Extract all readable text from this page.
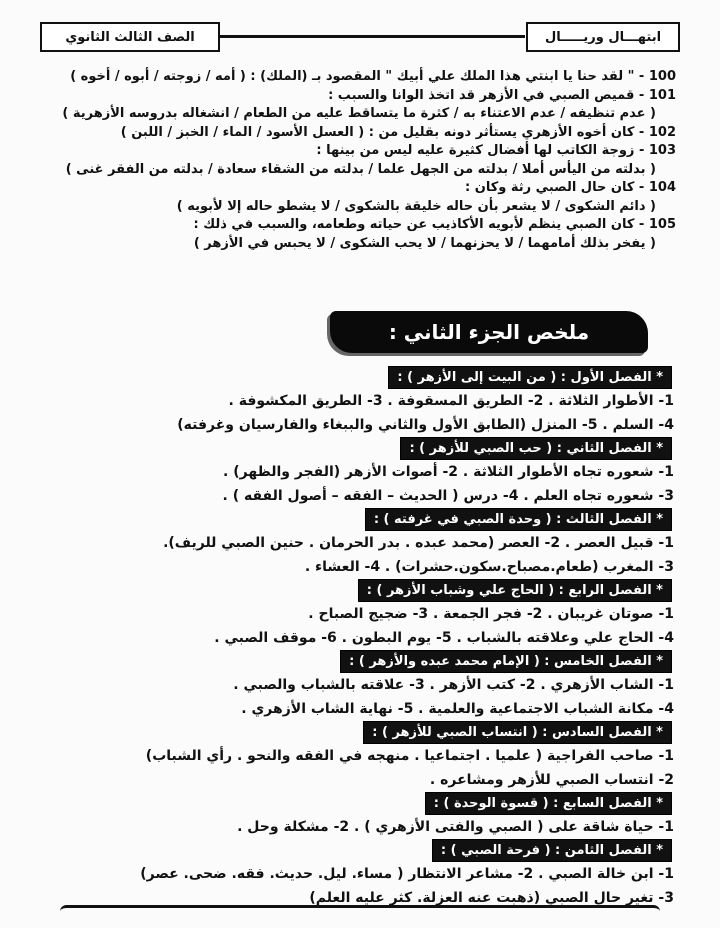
ابتهـــال وريـــــال
الصف الثالث الثانوي
100 - " لقد حنا يا ابنتي هذا الملك علي أبيك " المقصود بـ (الملك) : ( أمه / زوجته / أبوه / أخوه )
101 - قميص الصبي في الأزهر قد اتخذ الوانا والسبب :
( عدم تنظيفه / عدم الاعتناء به / كثرة ما يتساقط عليه من الطعام / انشغاله بدروسه الأزهرية )
102 - كان أخوه الأزهري يستأثر دونه بقليل من : ( العسل الأسود / الماء / الخبز / اللبن )
103 - زوجة الكاتب لها أفضال كثيرة عليه ليس من بينها :
( بدلته من اليأس أملا / بدلته من الجهل علما / بدلته من الشقاء سعادة / بدلته من الفقر غنى )
104 - كان حال الصبي رثة وكان :
( دائم الشكوى / لا يشعر بأن حاله خليقة بالشكوى / لا يشطو حاله إلا لأبويه )
105 - كان الصبي ينظم لأبويه الأكاذيب عن حياته وطعامه، والسبب في ذلك :
( يفخر بذلك أمامهما / لا يحزنهما / لا يحب الشكوى / لا يحبس في الأزهر )
ملخص الجزء الثاني :
* الفصل الأول : ( من البيت إلى الأزهر ) :
1- الأطوار الثلاثة . 2- الطريق المسقوفة . 3- الطريق المكشوفة .
4- السلم . 5- المنزل (الطابق الأول والثاني والببغاء والفارسيان وغرفته)
* الفصل الثاني : ( حب الصبي للأزهر ) :
1- شعوره تجاه الأطوار الثلاثة . 2- أصوات الأزهر (الفجر والظهر) .
3- شعوره تجاه العلم . 4- درس ( الحديث – الفقه – أصول الفقه ) .
* الفصل الثالث : ( وحدة الصبي في غرفته ) :
1- قبيل العصر . 2- العصر (محمد عبده . بدر الحرمان . حنين الصبي للريف).
3- المغرب (طعام.مصباح.سكون.حشرات) . 4- العشاء .
* الفصل الرابع : ( الحاج علي وشباب الأزهر ) :
1- صوتان غريبان . 2- فجر الجمعة . 3- ضجيج الصباح .
4- الحاج علي وعلاقته بالشباب . 5- يوم البطون . 6- موقف الصبي .
* الفصل الخامس : ( الإمام محمد عبده والأزهر ) :
1- الشاب الأزهري . 2- كتب الأزهر . 3- علاقته بالشباب والصبي .
4- مكانة الشباب الاجتماعية والعلمية . 5- نهاية الشاب الأزهري .
* الفصل السادس : ( انتساب الصبي للأزهر ) :
1- صاحب الفراجية ( علميا . اجتماعيا . منهجه في الفقه والنحو . رأي الشباب)
2- انتساب الصبي للأزهر ومشاعره .
* الفصل السابع : ( قسوة الوحدة ) :
1- حياة شاقة على ( الصبي والفتى الأزهري ) . 2- مشكلة وحل .
* الفصل الثامن : ( فرحة الصبي ) :
1- ابن خالة الصبي . 2- مشاعر الانتظار ( مساء. ليل. حديث. فقه. ضحى. عصر)
3- تغير حال الصبي (ذهبت عنه العزلة. كثر عليه العلم)
